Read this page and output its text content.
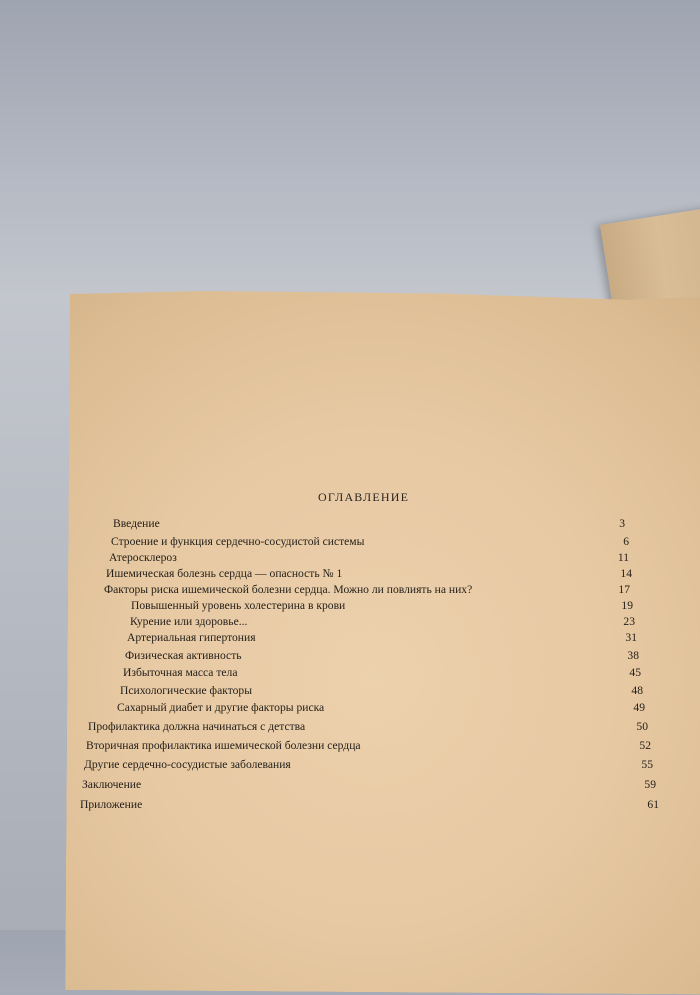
ОГЛАВЛЕНИЕ
Введение	3
Строение и функция сердечно-сосудистой системы	6
Атеросклероз	11
Ишемическая болезнь сердца — опасность № 1	14
Факторы риска ишемической болезни сердца. Можно ли повлиять на них?	17
Повышенный уровень холестерина в крови	19
Курение или здоровье...	23
Артериальная гипертония	31
Физическая активность	38
Избыточная масса тела	45
Психологические факторы	48
Сахарный диабет и другие факторы риска	49
Профилактика должна начинаться с детства	50
Вторичная профилактика ишемической болезни сердца	52
Другие сердечно-сосудистые заболевания	55
Заключение	59
Приложение	61
